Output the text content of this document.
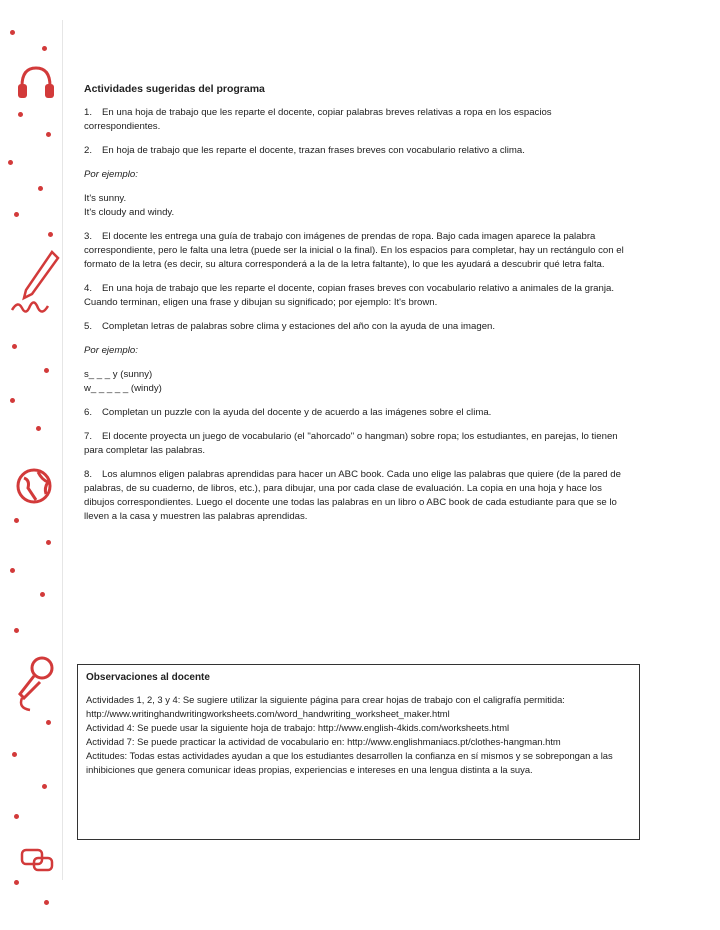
Actividades sugeridas del programa
1. En una hoja de trabajo que les reparte el docente, copiar palabras breves relativas a ropa en los espacios correspondientes.
2. En hoja de trabajo que les reparte el docente, trazan frases breves con vocabulario relativo a clima.
Por ejemplo:
It's sunny.
It's cloudy and windy.
3. El docente les entrega una guía de trabajo con imágenes de prendas de ropa. Bajo cada imagen aparece la palabra correspondiente, pero le falta una letra (puede ser la inicial o la final). En los espacios para completar, hay un rectángulo con el formato de la letra (es decir, su altura corresponderá a la de la letra faltante), lo que les ayudará a descubrir qué letra falta.
4. En una hoja de trabajo que les reparte el docente, copian frases breves con vocabulario relativo a animales de la granja. Cuando terminan, eligen una frase y dibujan su significado; por ejemplo: It's brown.
5. Completan letras de palabras sobre clima y estaciones del año con la ayuda de una imagen.
Por ejemplo:
s_ _ _ y (sunny)
w_ _ _ _ _ (windy)
6. Completan un puzzle con la ayuda del docente y de acuerdo a las imágenes sobre el clima.
7. El docente proyecta un juego de vocabulario (el "ahorcado" o hangman) sobre ropa; los estudiantes, en parejas, lo tienen para completar las palabras.
8. Los alumnos eligen palabras aprendidas para hacer un ABC book. Cada uno elige las palabras que quiere (de la pared de palabras, de su cuaderno, de libros, etc.), para dibujar, una por cada clase de evaluación. La copia en una hoja y hace los dibujos correspondientes. Luego el docente une todas las palabras en un libro o ABC book de cada estudiante para que se lo lleven a la casa y muestren las palabras aprendidas.
Observaciones al docente

Actividades 1, 2, 3 y 4: Se sugiere utilizar la siguiente página para crear hojas de trabajo con el caligrafía permitida: http://www.writinghandwritingworksheets.com/word_handwriting_worksheet_maker.html

Actividad 4: Se puede usar la siguiente hoja de trabajo: http://www.english-4kids.com/worksheets.html

Actividad 7: Se puede practicar la actividad de vocabulario en: http://www.englishmaniacs.pt/clothes-hangman.htm

Actitudes: Todas estas actividades ayudan a que los estudiantes desarrollen la confianza en sí mismos y se sobrepongan a las inhibiciones que genera comunicar ideas propias, experiencias e intereses en una lengua distinta a la suya.
